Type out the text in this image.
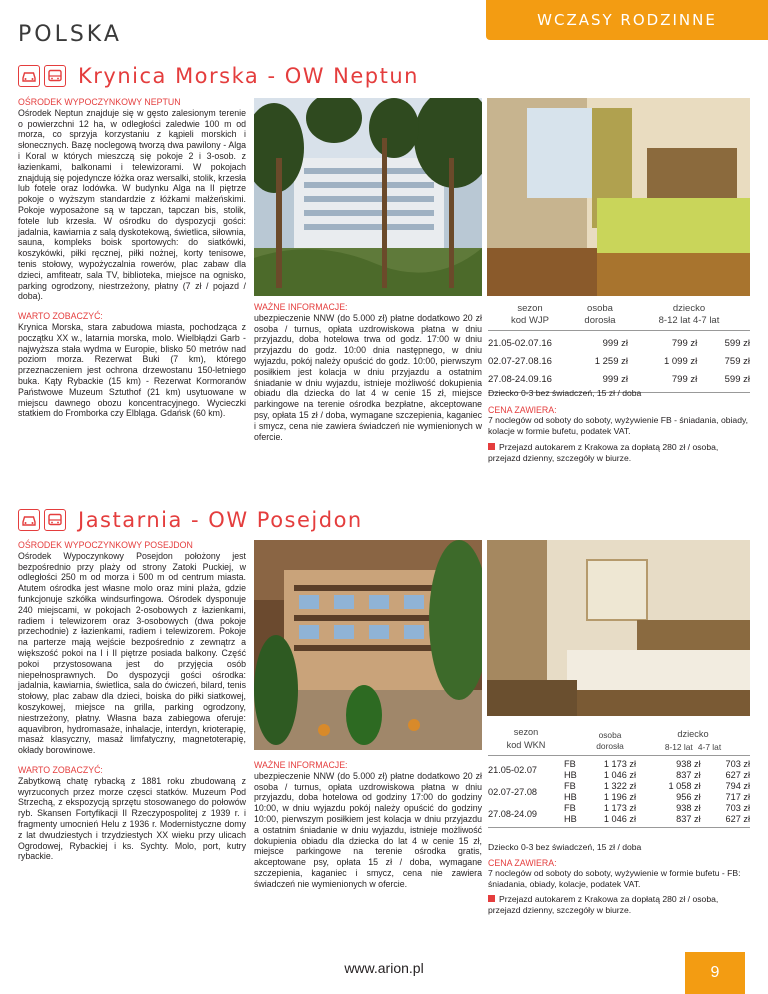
POLSKA
WCZASY RODZINNE
Krynica Morska - OW Neptun
OŚRODEK WYPOCZYNKOWY NEPTUN
Ośrodek Neptun znajduje się w gęsto zalesionym terenie o powierzchni 12 ha, w odległości zaledwie 100 m od morza, co sprzyja korzystaniu z kąpieli morskich i słonecznych. Bazę noclegową tworzą dwa pawilony - Alga i Koral w których mieszczą się pokoje 2 i 3-osob. z łazienkami, balkonami i telewizorami. W pokojach znajdują się pojedyncze łóżka oraz wersalki, stolik, krzesła lub fotele oraz lodówka. W budynku Alga na II piętrze pokoje o wyższym standardzie z łóżkami małżeńskimi. Pokoje wyposażone są w tapczan, tapczan bis, stolik, fotele lub krzesła. W ośrodku do dyspozycji gości: jadalnia, kawiarnia z salą dyskotekową, świetlica, siłownia, sauna, kompleks boisk sportowych: do siatkówki, koszykówki, piłki ręcznej, piłki nożnej, korty tenisowe, tenis stołowy, wypożyczalnia rowerów, plac zabaw dla dzieci, amfiteatr, sala TV, biblioteka, miejsce na ognisko, parking ogrodzony, niestrzeżony, płatny (7 zł / pojazd / doba).
WARTO ZOBACZYĆ:
Krynica Morska, stara zabudowa miasta, pochodząca z początku XX w., latarnia morska, molo. Wielbłądzi Garb - najwyższa stała wydma w Europie, blisko 50 metrów nad poziom morza. Rezerwat Buki (7 km), którego przeznaczeniem jest ochrona drzewostanu 150-letniego buka. Kąty Rybackie (15 km) - Rezerwat Kormoranów Państwowe Muzeum Sztuthof (21 km) usytuowane w miejscu dawnego obozu koncentracyjnego. Wycieczki statkiem do Fromborka czy Elbląga. Gdańsk (60 km).
WAŻNE INFORMACJE:
ubezpieczenie NNW (do 5.000 zł) płatne dodatkowo 20 zł osoba / turnus, opłata uzdrowiskowa płatna w dniu przyjazdu, doba hotelowa trwa od godz. 17:00 w dniu przyjazdu do godz. 10:00 dnia następnego, w dniu wyjazdu, pokój należy opuścić do godz. 10:00, pierwszym posiłkiem jest kolacja w dniu przyjazdu a ostatnim śniadanie w dniu wyjazdu, istnieje możliwość dokupienia obiadu dla dziecka do lat 4 w cenie 15 zł, miejsce parkingowe na terenie ośrodka bezpłatne, akceptowane psy, opłata 15 zł / doba, wymagane szczepienia, kaganiec i smycz, cena nie zawiera świadczeń nie wymienionych w ofercie.
sezon
kod WJP	osoba
dorosła	dziecko
8-12 lat 4-7 lat	

21.05-02.07.16	999 zł	799 zł	599 zł
02.07-27.08.16	1 259 zł	1 099 zł	759 zł
27.08-24.09.16	999 zł	799 zł	599 zł

Dziecko 0-3 bez świadczeń, 15 zł / doba
CENA ZAWIERA:
7 noclegów od soboty do soboty, wyżywienie FB - śniadania, obiady, kolacje w formie bufetu, podatek VAT.
Przejazd autokarem z Krakowa za dopłatą 280 zł / osoba, przejazd dzienny, szczegóły w biurze.
Jastarnia - OW Posejdon
OŚRODEK WYPOCZYNKOWY POSEJDON
Ośrodek Wypoczynkowy Posejdon położony jest bezpośrednio przy plaży od strony Zatoki Puckiej, w odległości 250 m od morza i 500 m od centrum miasta. Atutem ośrodka jest własne molo oraz mini plaża, gdzie funkcjonuje szkółka windsurfingowa. Ośrodek dysponuje 240 miejscami, w pokojach 2-osobowych z łazienkami, radiem i telewizorem oraz 3-osobowych (dwa pokoje przechodnie) z łazienkami, radiem i telewizorem. Pokoje na parterze mają wejście bezpośrednio z zewnątrz a większość pokoi na I i II piętrze posiada balkony. Część pokoi przystosowana jest do przyjęcia osób niepełnosprawnych. Do dyspozycji gości ośrodka: jadalnia, kawiarnia, świetlica, sala do ćwiczeń, bilard, tenis stołowy, plac zabaw dla dzieci, boiska do piłki siatkowej, koszykowej, miejsce na grilla, parking ogrodzony, niestrzeżony, płatny. Własna baza zabiegowa oferuje: aquavibron, hydromasaże, inhalacje, interdyn, krioterapię, masaż klasyczny, masaż limfatyczny, magnetoterapię, okłady borowinowe.
WARTO ZOBACZYĆ:
Zabytkową chatę rybacką z 1881 roku zbudowaną z wyrzuconych przez morze częsci statków. Muzeum Pod Strzechą, z ekspozycją sprzętu stosowanego do połowów ryb. Skansen Fortyfikacji II Rzeczypospolitej z 1939 r. i fragmenty umocnień Helu z 1936 r. Modernistyczne domy z lat dwudziestych i trzydziestych XX wieku przy ulicach Ogrodowej, Rybackiej i ks. Sychty. Molo, port, kutry rybackie.
WAŻNE INFORMACJE:
ubezpieczenie NNW (do 5.000 zł) płatne dodatkowo 20 zł osoba / turnus, opłata uzdrowiskowa płatna w dniu przyjazdu, doba hotelowa od godziny 17:00 do godziny 10:00, w dniu wyjazdu pokój należy opuścić do godziny 10:00, pierwszym posiłkiem jest kolacja w dniu przyjazdu a ostatnim śniadanie w dniu wyjazdu, istnieje możliwość dokupienia obiadu dla dziecka do lat 4 w cenie 15 zł, miejsce parkingowe na terenie ośrodka gratis, akceptowane psy, opłata 15 zł / doba, wymagane szczepienia, kaganiec i smycz, cena nie zawiera świadczeń nie wymienionych w ofercie.
sezon
kod WKN		osoba
dorosła	dziecko
8-12 lat 4-7 lat	

21.05-02.07	FB	1 173 zł	938 zł	703 zł
	HB	1 046 zł	837 zł	627 zł
02.07-27.08	FB	1 322 zł	1 058 zł	794 zł
	HB	1 196 zł	956 zł	717 zł
27.08-24.09	FB	1 173 zł	938 zł	703 zł
	HB	1 046 zł	837 zł	627 zł

Dziecko 0-3 bez świadczeń, 15 zł / doba
CENA ZAWIERA:
7 noclegów od soboty do soboty, wyżywienie w formie bufetu - FB: śniadania, obiady, kolacje, podatek VAT.
Przejazd autokarem z Krakowa za dopłatą 280 zł / osoba, przejazd dzienny, szczegóły w biurze.
www.arion.pl	9
